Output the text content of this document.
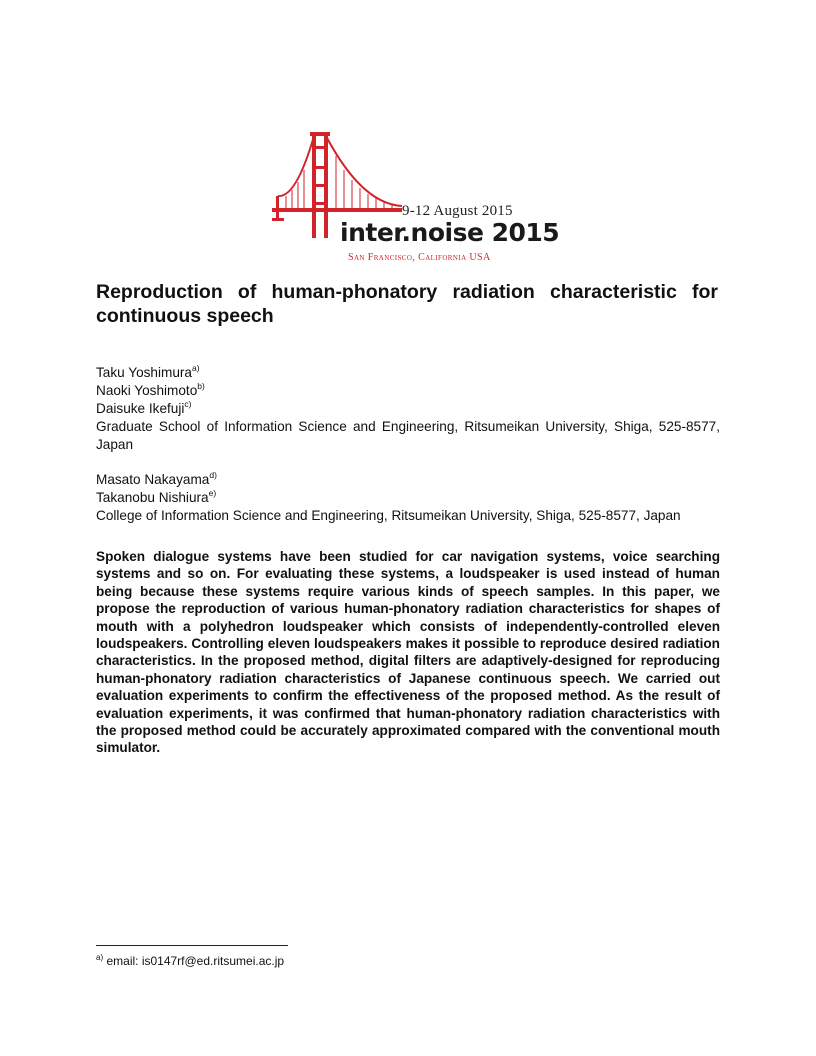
9-12 August 2015
inter.noise 2015
San Francisco, California USA
Reproduction of human-phonatory radiation characteristic for continuous speech
Taku Yoshimura$^{a)}$
Naoki Yoshimoto$^{b)}$
Daisuke Ikefuji$^{c)}$
Graduate School of Information Science and Engineering, Ritsumeikan University, Shiga, 525-8577, Japan
Masato Nakayama$^{d)}$
Takanobu Nishiura$^{e)}$
College of Information Science and Engineering, Ritsumeikan University, Shiga, 525-8577, Japan

Spoken dialogue systems have been studied for car navigation systems, voice searching systems and so on. For evaluating these systems, a loudspeaker is used instead of human being because these systems require various kinds of speech samples. In this paper, we propose the reproduction of various human-phonatory radiation characteristics for shapes of mouth with a polyhedron loudspeaker which consists of independently-controlled eleven loudspeakers. Controlling eleven loudspeakers makes it possible to reproduce desired radiation characteristics. In the proposed method, digital filters are adaptively-designed for reproducing human-phonatory radiation characteristics of Japanese continuous speech. We carried out evaluation experiments to confirm the effectiveness of the proposed method. As the result of evaluation experiments, it was confirmed that human-phonatory radiation characteristics with the proposed method could be accurately approximated compared with the conventional mouth simulator.

$^{a)}$ email: is0147rf@ed.ritsumei.ac.jp
